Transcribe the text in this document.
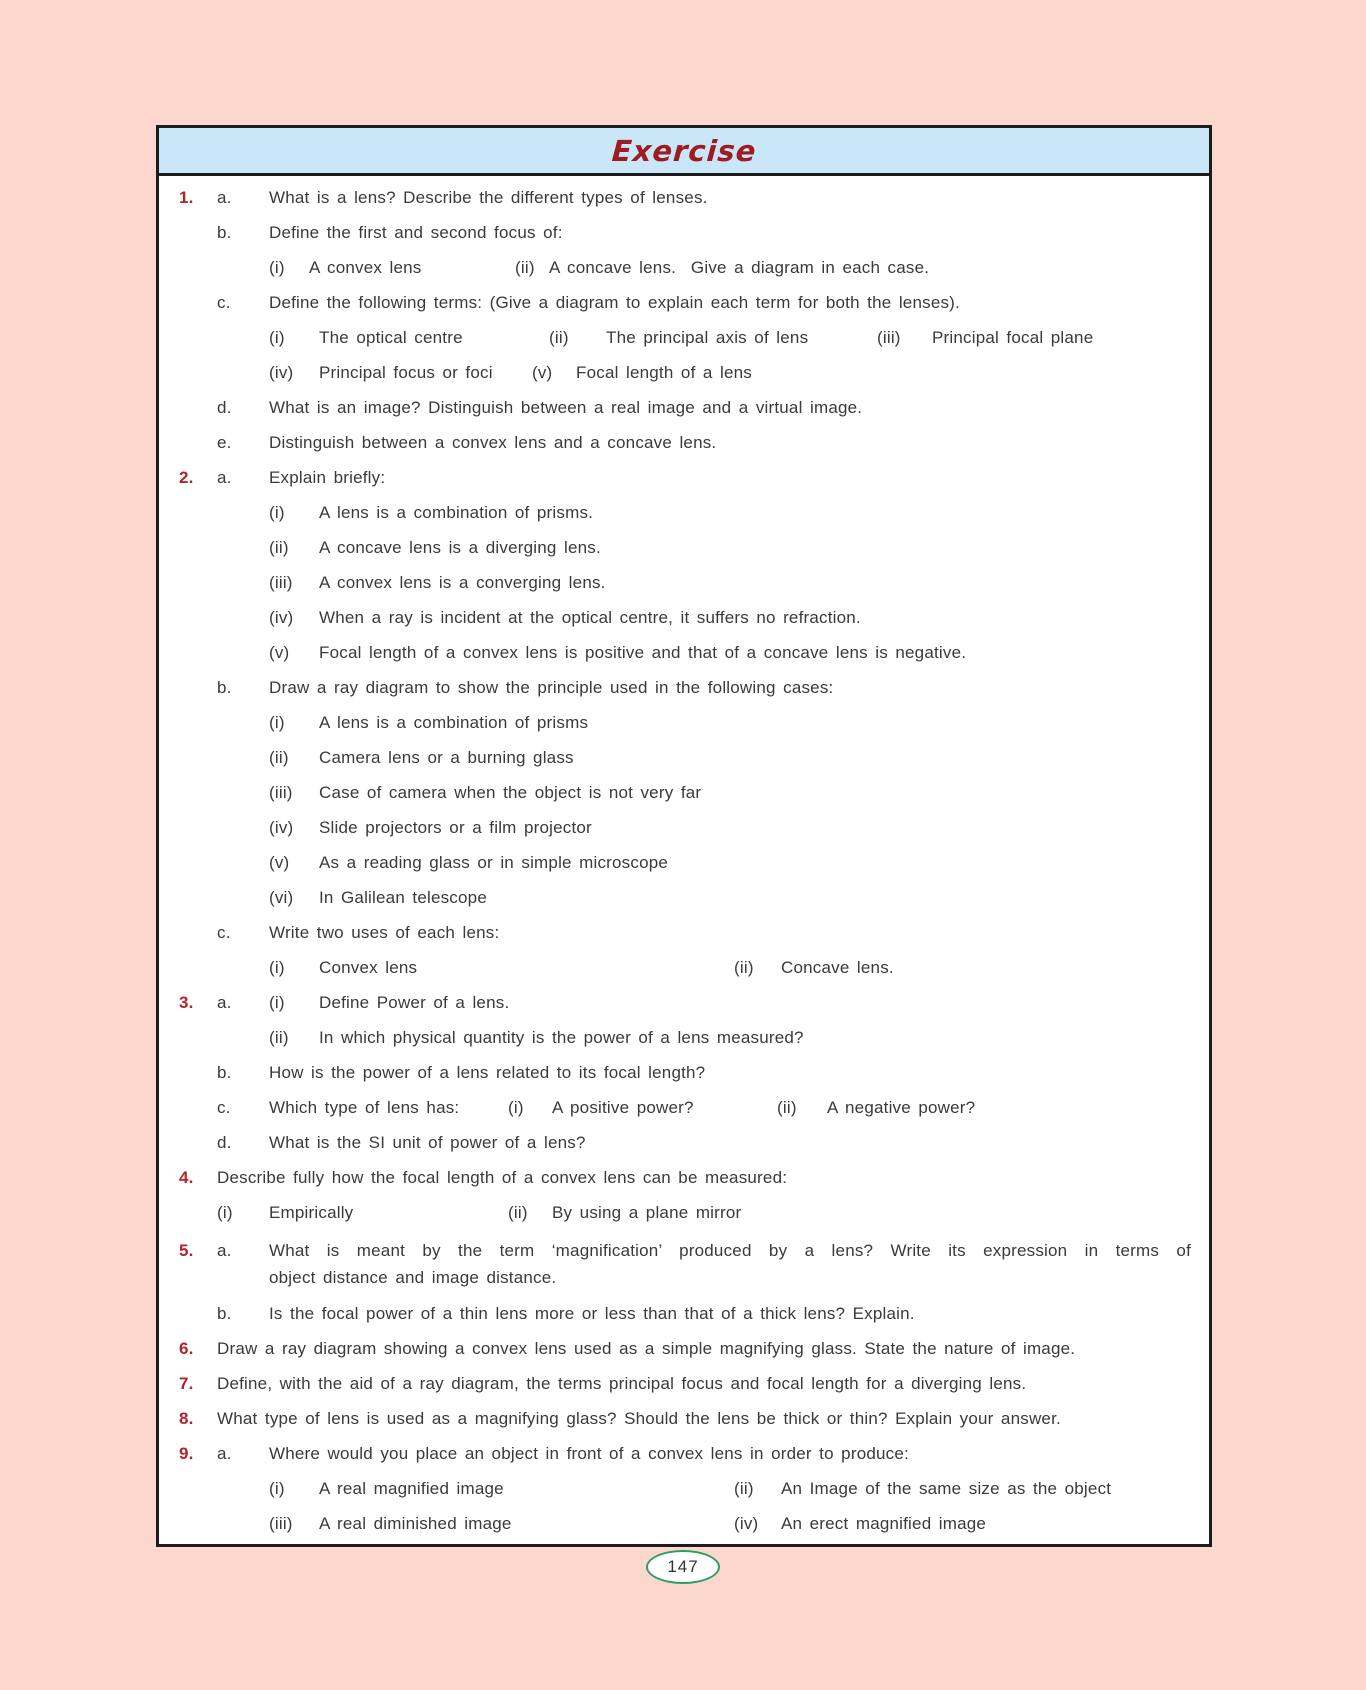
Exercise
1.	a.	What is a lens? Describe the different types of lenses.
b.	Define the first and second focus of:
(i)	A convex lens	(ii) A concave lens.  Give a diagram in each case.
c.	Define the following terms: (Give a diagram to explain each term for both the lenses).
(i)	The optical centre	(ii)	The principal axis of lens	(iii)	Principal focal plane
(iv)	Principal focus or foci	(v)	Focal length of a lens
d.	What is an image? Distinguish between a real image and a virtual image.
e.	Distinguish between a convex lens and a concave lens.
2.	a.	Explain briefly:
(i)	A lens is a combination of prisms.
(ii)	A concave lens is a diverging lens.
(iii)	A convex lens is a converging lens.
(iv)	When a ray is incident at the optical centre, it suffers no refraction.
(v)	Focal length of a convex lens is positive and that of a concave lens is negative.
b.	Draw a ray diagram to show the principle used in the following cases:
(i)	A lens is a combination of prisms
(ii)	Camera lens or a burning glass
(iii)	Case of camera when the object is not very far
(iv)	Slide projectors or a film projector
(v)	As a reading glass or in simple microscope
(vi)	In Galilean telescope
c.	Write two uses of each lens:
(i)	Convex lens	(ii)	Concave lens.
3.	a.	(i)	Define Power of a lens.
(ii)	In which physical quantity is the power of a lens measured?
b.	How is the power of a lens related to its focal length?
c.	Which type of lens has:	(i)	A positive power?	(ii)	A negative power?
d.	What is the SI unit of power of a lens?
4.	Describe fully how the focal length of a convex lens can be measured:
(i)	Empirically	(ii)	By using a plane mirror
5.	a.	What is meant by the term ‘magnification’ produced by a lens? Write its expression in terms of
object distance and image distance.
b.	Is the focal power of a thin lens more or less than that of a thick lens? Explain.
6.	Draw a ray diagram showing a convex lens used as a simple magnifying glass. State the nature of image.
7.	Define, with the aid of a ray diagram, the terms principal focus and focal length for a diverging lens.
8.	What type of lens is used as a magnifying glass? Should the lens be thick or thin? Explain your answer.
9.	a.	Where would you place an object in front of a convex lens in order to produce:
(i)	A real magnified image	(ii)	An Image of the same size as the object
(iii)	A real diminished image	(iv)	An erect magnified image
147
